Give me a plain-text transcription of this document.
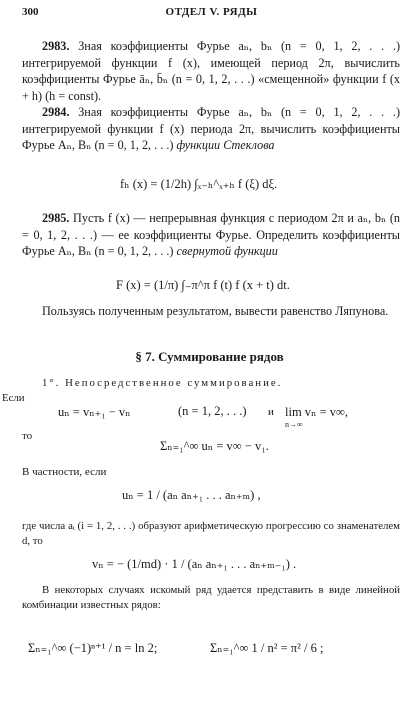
300	ОТДЕЛ V. РЯДЫ
2983. Зная коэффициенты Фурье aₙ, bₙ (n = 0, 1, 2, . . .) интегрируемой функции f (x), имеющей период 2π, вычислить коэффициенты Фурье āₙ, b̄ₙ (n = 0, 1, 2, . . .) «смещенной» функции f (x + h) (h = const).
2984. Зная коэффициенты Фурье aₙ, bₙ (n = 0, 1, 2, . . .) интегрируемой функции f (x) периода 2π, вычислить коэффициенты Фурье Aₙ, Bₙ (n = 0, 1, 2, . . .) функции Стеклова
fₕ (x) = (1/2h) ∫ₓ₋ₕ^ₓ₊ₕ f (ξ) dξ.
2985. Пусть f (x) — непрерывная функция с периодом 2π и aₙ, bₙ (n = 0, 1, 2, . . .) — ее коэффициенты Фурье. Определить коэффициенты Фурье Aₙ, Bₙ (n = 0, 1, 2, . . .) свернутой функции
F (x) = (1/π) ∫₋π^π f (t) f (x + t) dt.
Пользуясь полученным результатом, вывести равенство Ляпунова.
§ 7. Суммирование рядов
1°. Непосредственное суммирование.
Если
uₙ = vₙ₊₁ − vₙ	(n = 1, 2, . . .) и lim vₙ = v∞,
n→∞
то
Σₙ₌₁^∞ uₙ = v∞ − v₁.
В частности, если
uₙ = 1 / (aₙ aₙ₊₁ . . . aₙ₊ₘ) ,
где числа aᵢ (i = 1, 2, . . .) образуют арифметическую прогрессию со знаменателем d, то
vₙ = − (1/md) · 1 / (aₙ aₙ₊₁ . . . aₙ₊ₘ₋₁) .
В некоторых случаях искомый ряд удается представить в виде линейной комбинации известных рядов:
Σₙ₌₁^∞ (−1)ⁿ⁺¹ / n = ln 2;	Σₙ₌₁^∞ 1 / n² = π² / 6 ;
